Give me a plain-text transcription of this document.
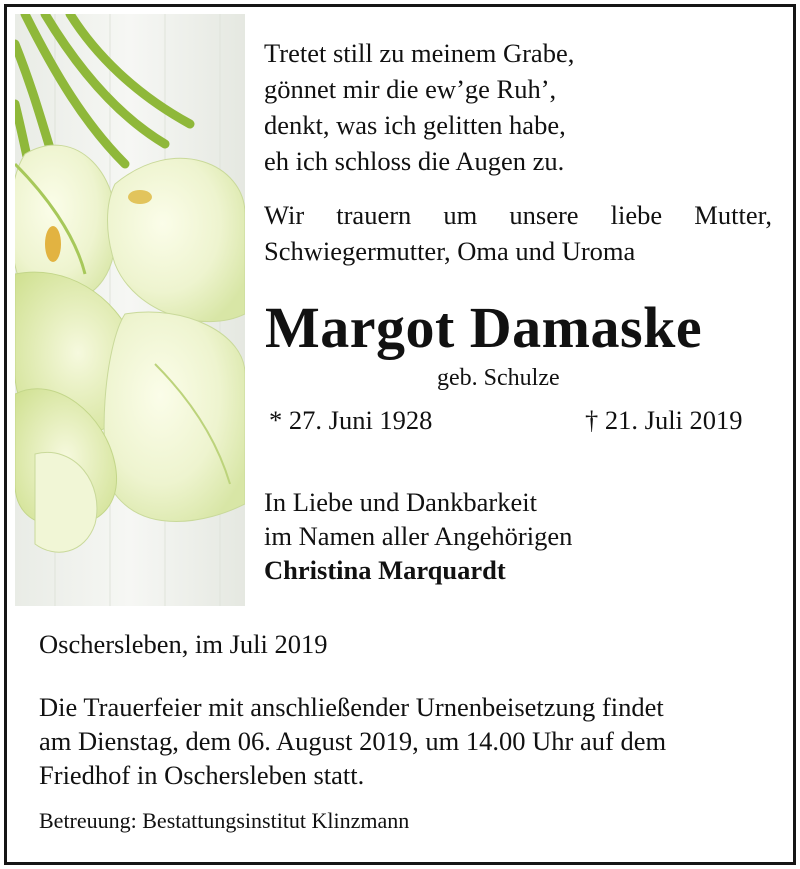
Tretet still zu meinem Grabe,
gönnet mir die ew’ge Ruh’,
denkt, was ich gelitten habe,
eh ich schloss die Augen zu.
Wir trauern um unsere liebe Mutter,
Schwiegermutter, Oma und Uroma
Margot Damaske
geb. Schulze
* 27. Juni 1928	† 21. Juli 2019
In Liebe und Dankbarkeit
im Namen aller Angehörigen
Christina Marquardt
Oschersleben, im Juli 2019
Die Trauerfeier mit anschließender Urnenbeisetzung findet
am Dienstag, dem 06. August 2019, um 14.00 Uhr auf dem
Friedhof in Oschersleben statt.
Betreuung: Bestattungsinstitut Klinzmann
